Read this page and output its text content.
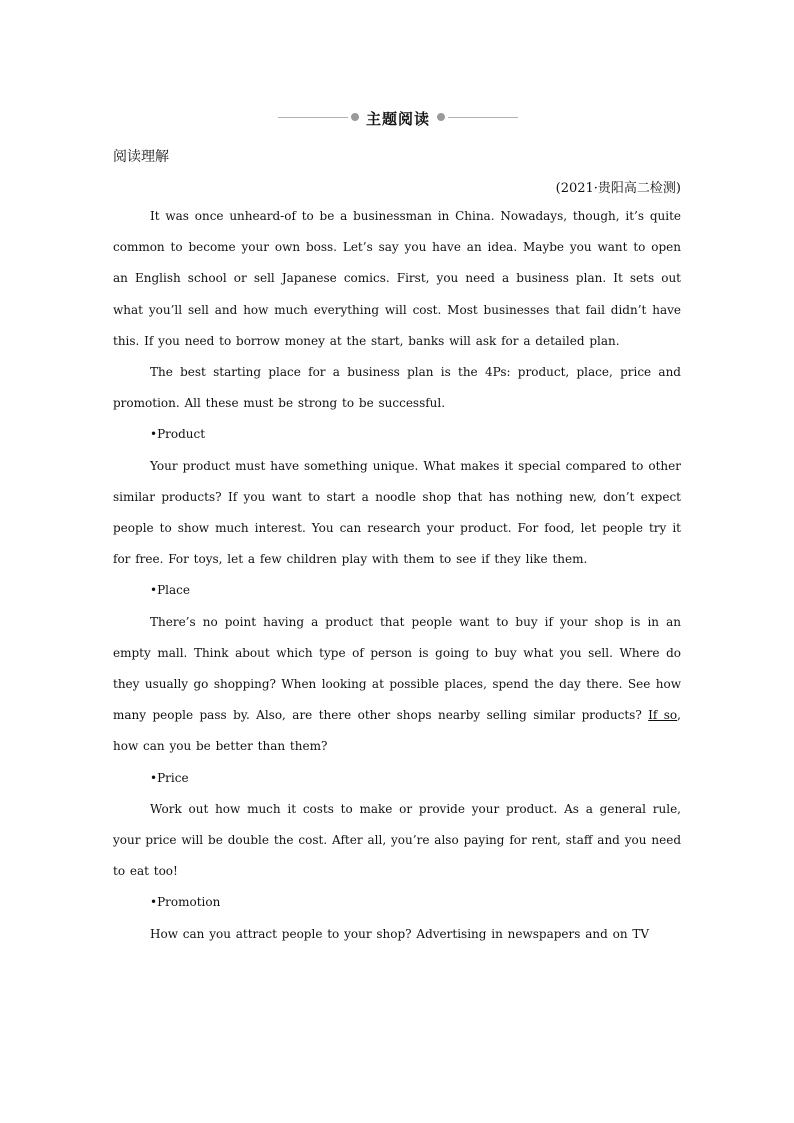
主题阅读
阅读理解
(2021·贵阳高二检测)

It was once unheard-of to be a businessman in China. Nowadays, though, it’s quite common to become your own boss. Let’s say you have an idea. Maybe you want to open an English school or sell Japanese comics. First, you need a business plan. It sets out what you’ll sell and how much everything will cost. Most businesses that fail didn’t have this. If you need to borrow money at the start, banks will ask for a detailed plan.

The best starting place for a business plan is the 4Ps: product, place, price and promotion. All these must be strong to be successful.

•Product

Your product must have something unique. What makes it special compared to other similar products? If you want to start a noodle shop that has nothing new, don’t expect people to show much interest. You can research your product. For food, let people try it for free. For toys, let a few children play with them to see if they like them.

•Place

There’s no point having a product that people want to buy if your shop is in an empty mall. Think about which type of person is going to buy what you sell. Where do they usually go shopping? When looking at possible places, spend the day there. See how many people pass by. Also, are there other shops nearby selling similar products? If so, how can you be better than them?

•Price

Work out how much it costs to make or provide your product. As a general rule, your price will be double the cost. After all, you’re also paying for rent, staff and you need to eat too!

•Promotion

How can you attract people to your shop? Advertising in newspapers and on TV
